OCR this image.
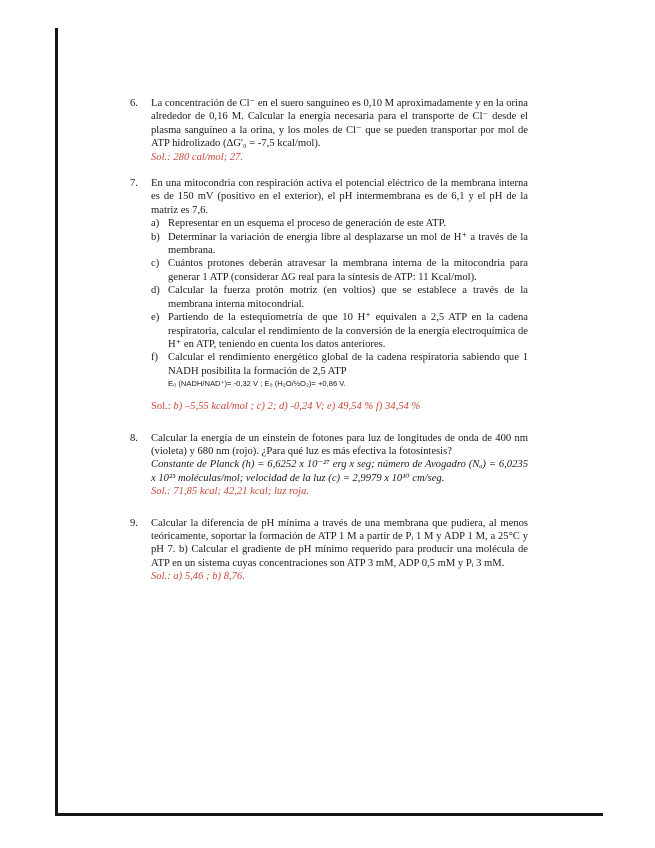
6. La concentración de Cl⁻ en el suero sanguíneo es 0,10 M aproximadamente y en la orina alrededor de 0,16 M. Calcular la energía necesaria para el transporte de Cl⁻ desde el plasma sanguíneo a la orina, y los moles de Cl⁻ que se pueden transportar por mol de ATP hidrolizado (ΔG'₀ = -7,5 kcal/mol).

Sol.: 280 cal/mol; 27.

7. En una mitocondria con respiración activa el potencial eléctrico de la membrana interna es de 150 mV (positivo en el exterior), el pH intermembrana es de 6,1 y el pH de la matriz es 7,6.

a) Representar en un esquema el proceso de generación de este ATP.
b) Determinar la variación de energía libre al desplazarse un mol de H⁺ a través de la membrana.
c) Cuántos protones deberán atravesar la membrana interna de la mitocondria para generar 1 ATP (considerar ΔG real para la síntesis de ATP: 11 Kcal/mol).
d) Calcular la fuerza protón motriz (en voltios) que se establece a través de la membrana interna mitocondrial.
e) Partiendo de la estequiometría de que 10 H⁺ equivalen a 2,5 ATP en la cadena respiratoria, calcular el rendimiento de la conversión de la energía electroquímica de H⁺ en ATP, teniendo en cuenta los datos anteriores.
f) Calcular el rendimiento energético global de la cadena respiratoria sabiendo que 1 NADH posibilita la formación de 2,5 ATP
E₀ (NADH/NAD⁺)= -0,32 V ; E₀ (H₂O/½O₂)= +0,86 V.

Sol.: b) –5,55 kcal/mol ; c) 2; d) -0,24 V; e) 49,54 % f) 34,54 %

8. Calcular la energía de un einstein de fotones para luz de longitudes de onda de 400 nm (violeta) y 680 nm (rojo). ¿Para qué luz es más efectiva la fotosíntesis?

Constante de Planck (h) = 6,6252 x 10⁻²⁷ erg x seg; número de Avogadro (Nₐ) = 6,0235 x 10²³ moléculas/mol; velocidad de la luz (c) = 2,9979 x 10¹⁰ cm/seg.

Sol.: 71,85 kcal; 42,21 kcal; luz roja.

9. Calcular la diferencia de pH mínima a través de una membrana que pudiera, al menos teóricamente, soportar la formación de ATP 1 M a partir de Pᵢ 1 M y ADP 1 M, a 25°C y pH 7. b) Calcular el gradiente de pH mínimo requerido para producir una molécula de ATP en un sistema cuyas concentraciones son ATP 3 mM, ADP 0,5 mM y Pᵢ 3 mM.

Sol.: a) 5,46 ; b) 8,76.
